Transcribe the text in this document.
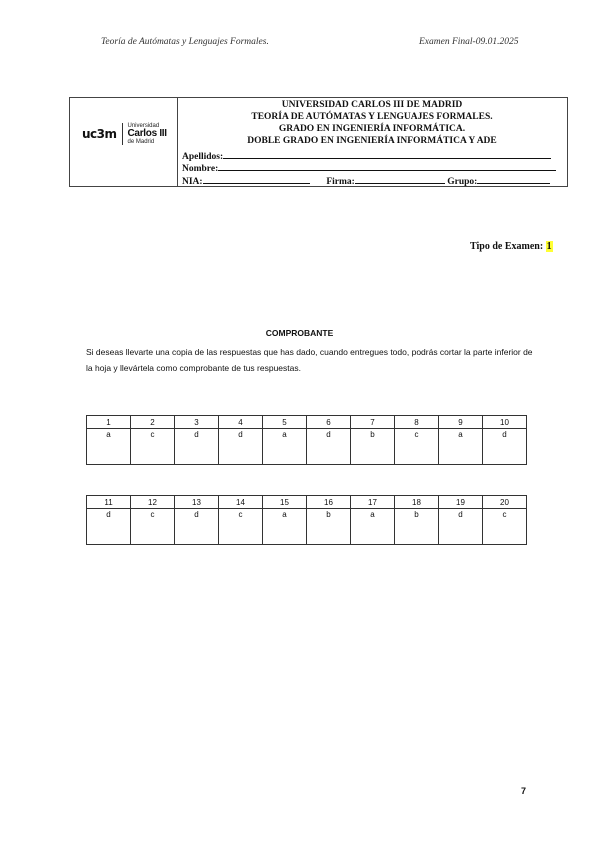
Teoría de Autómatas y Lenguajes Formales.	Examen Final-09.01.2025
uc3m
Universidad
Carlos III
de Madrid
UNIVERSIDAD CARLOS III DE MADRID
TEORÍA DE AUTÓMATAS Y LENGUAJES FORMALES.
GRADO EN INGENIERÍA INFORMÁTICA.
DOBLE GRADO EN INGENIERÍA INFORMÁTICA Y ADE
Apellidos:
Nombre:
NIA:	Firma:	Grupo:
Tipo de Examen: 1
COMPROBANTE
Si deseas llevarte una copia de las respuestas que has dado, cuando entregues todo, podrás cortar la parte inferior de la hoja y llevártela como comprobante de tus respuestas.
1	2	3	4	5	6	7	8	9	10
a	c	d	d	a	d	b	c	a	d
11	12	13	14	15	16	17	18	19	20
d	c	d	c	a	b	a	b	d	c
7
